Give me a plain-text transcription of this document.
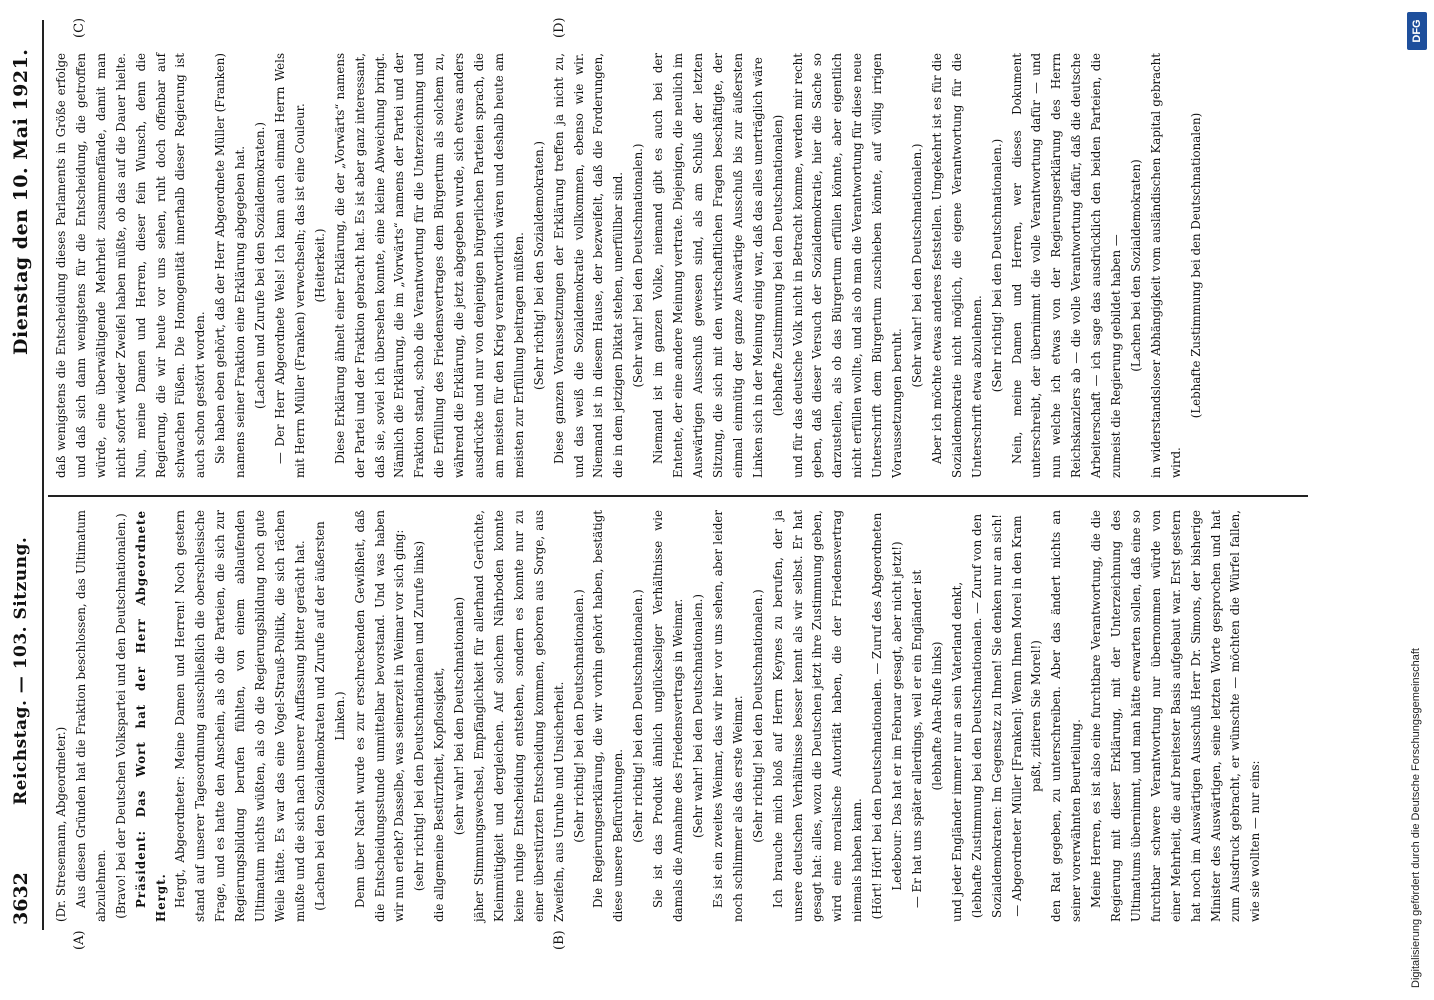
3632
Reichstag. — 103. Sitzung.
Dienstag den 10. Mai 1921.
(A)	(B)
(C)	(D)

(Dr. Stresemann, Abgeordneter.) Aus diesen Gründen hat die Fraktion beschlossen, das Ultimatum abzulehnen. (Bravo! bei der Deutschen Volkspartei und den Deutschnationalen.) Präsident: Das Wort hat der Herr Abgeordnete Hergt. Hergt, Abgeordneter: Meine Damen und Herren! Noch gestern stand auf unserer Tagesordnung ausschließlich die oberschlesische Frage, und es hatte den Anschein, als ob die Parteien, die sich zur Regierungsbildung berufen fühlten, von einem ablaufenden Ultimatum nichts wüßten, als ob die Regierungsbildung noch gute Weile hätte. Es war das eine Vogel-Strauß-Politik, die sich rächen mußte und die sich nach unserer Auffassung bitter gerächt hat. (Lachen bei den Sozialdemokraten und Zurufe auf der äußersten Linken.) Denn über Nacht wurde es zur erschreckenden Gewißheit, daß die Entscheidungsstunde unmittelbar bevorstand. Und was haben wir nun erlebt? Dasselbe, was seinerzeit in Weimar vor sich ging: (sehr richtig! bei den Deutschnationalen und Zurufe links) die allgemeine Bestürztheit, Kopflosigkeit, (sehr wahr! bei den Deutschnationalen) jäher Stimmungswechsel, Empfänglichkeit für allerhand Gerüchte, Kleinmütigkeit und dergleichen. Auf solchem Nährboden konnte keine ruhige Entscheidung entstehen, sondern es konnte nur zu einer überstürzten Entscheidung kommen, geboren aus Sorge, aus Zweifeln, aus Unruhe und Unsicherheit. (Sehr richtig! bei den Deutschnationalen.) Die Regierungserklärung, die wir vorhin gehört haben, bestätigt diese unsere Befürchtungen. (Sehr richtig! bei den Deutschnationalen.) Sie ist das Produkt ähnlich unglückseliger Verhältnisse wie damals die Annahme des Friedensvertrags in Weimar. (Sehr wahr! bei den Deutschnationalen.) Es ist ein zweites Weimar, das wir hier vor uns sehen, aber leider noch schlimmer als das erste Weimar. (Sehr richtig! bei den Deutschnationalen.) Ich brauche mich bloß auf Herrn Keynes zu berufen, der ja unsere deutschen Verhältnisse besser kennt als wir selbst. Er hat gesagt hat: alles, wozu die Deutschen jetzt ihre Zustimmung geben, wird eine moralische Autorität haben, die der Friedensvertrag niemals haben kann. (Hört! Hört! bei den Deutschnationalen. — Zuruf des Abgeordneten Ledebour: Das hat er im Februar gesagt, aber nicht jetzt!) — Er hat uns später allerdings, weil er ein Engländer ist (lebhafte Aha-Rufe links) und jeder Engländer immer nur an sein Vaterland denkt, (lebhafte Zustimmung bei den Deutschnationalen. — Zuruf von den Sozialdemokraten: Im Gegensatz zu Ihnen! Sie denken nur an sich! — Abgeordneter Müller [Franken]: Wenn Ihnen Morel in den Kram paßt, zitieren Sie Morel!) den Rat gegeben, zu unterschreiben. Aber das ändert nichts an seiner vorerwähnten Beurteilung. Meine Herren, es ist also eine furchtbare Verantwortung, die die Regierung mit dieser Erklärung, mit der Unterzeichnung des Ultimatums übernimmt, und man hätte erwarten sollen, daß eine so furchtbar schwere Verantwortung nur übernommen würde von einer Mehrheit, die auf breitester Basis aufgebaut war. Erst gestern hat noch im Auswärtigen Ausschuß Herr Dr. Simons, der bisherige Minister des Auswärtigen, seine letzten Worte gesprochen und hat zum Ausdruck gebracht, er wünschte — möchten die Würfel fallen, wie sie wollten — nur eins:

daß wenigstens die Entscheidung dieses Parlaments in Größe erfolge und daß sich dann wenigstens für die Entscheidung, die getroffen würde, eine überwältigende Mehrheit zusammenfände, damit man nicht sofort wieder Zweifel haben müßte, ob das auf die Dauer hielte. Nun, meine Damen und Herren, dieser fein Wunsch, denn die Regierung, die wir heute vor uns sehen, ruht doch offenbar auf schwachen Füßen. Die Homogenität innerhalb dieser Regierung ist auch schon gestört worden. Sie haben eben gehört, daß der Herr Abgeordnete Müller (Franken) namens seiner Fraktion eine Erklärung abgegeben hat. (Lachen und Zurufe bei den Sozialdemokraten.) — Der Herr Abgeordnete Wels! Ich kann auch einmal Herrn Wels mit Herrn Müller (Franken) verwechseln; das ist eine Couleur. (Heiterkeit.) Diese Erklärung ähnelt einer Erklärung, die der „Vorwärts“ namens der Partei und der Fraktion gebracht hat. Es ist aber ganz interessant, daß sie, soviel ich übersehen konnte, eine kleine Abweichung bringt. Nämlich die Erklärung, die im „Vorwärts“ namens der Partei und der Fraktion stand, schob die Verantwortung für die Unterzeichnung und die Erfüllung des Friedensvertrages dem Bürgertum als solchem zu, während die Erklärung, die jetzt abgegeben wurde, sich etwas anders ausdrückte und nur von denjenigen bürgerlichen Parteien sprach, die am meisten für den Krieg verantwortlich wären und deshalb heute am meisten zur Erfüllung beitragen müßten. (Sehr richtig! bei den Sozialdemokraten.) Diese ganzen Voraussetzungen der Erklärung treffen ja nicht zu, und das weiß die Sozialdemokratie vollkommen, ebenso wie wir. Niemand ist in diesem Hause, der bezweifelt, daß die Forderungen, die in dem jetzigen Diktat stehen, unerfüllbar sind. (Sehr wahr! bei den Deutschnationalen.) Niemand ist im ganzen Volke, niemand gibt es auch bei der Entente, der eine andere Meinung vertrate. Diejenigen, die neulich im Auswärtigen Ausschuß gewesen sind, als am Schluß der letzten Sitzung, die sich mit den wirtschaftlichen Fragen beschäftigte, der einmal einmütig der ganze Auswärtige Ausschuß bis zur äußersten Linken sich in der Meinung einig war, daß das alles unerträglich wäre (lebhafte Zustimmung bei den Deutschnationalen) und für das deutsche Volk nicht in Betracht komme, werden mir recht geben, daß dieser Versuch der Sozialdemokratie, hier die Sache so darzustellen, als ob das Bürgertum erfüllen könnte, aber eigentlich nicht erfüllen wollte, und als ob man die Verantwortung für diese neue Unterschrift dem Bürgertum zuschieben könnte, auf völlig irrigen Voraussetzungen beruht.

(Sehr wahr! bei den Deutschnationalen.) Aber ich möchte etwas anderes feststellen. Umgekehrt ist es für die Sozialdemokratie nicht möglich, die eigene Verantwortung für die Unterschrift etwa abzulehnen. (Sehr richtig! bei den Deutschnationalen.) Nein, meine Damen und Herren, wer dieses Dokument unterschreibt, der übernimmt die volle Verantwortung dafür — und nun welche ich etwas von der Regierungserklärung des Herrn Reichskanzlers ab — die volle Verantwortung dafür, daß die deutsche Arbeiterschaft — ich sage das ausdrücklich den beiden Parteien, die zumeist die Regierung gebildet haben — (Lachen bei den Sozialdemokraten) in widerstandsloser Abhängigkeit vom ausländischen Kapital gebracht wird.

(Lebhafte Zustimmung bei den Deutschnationalen)

Digitalisierung gefördert durch die Deutsche Forschungsgemeinschaft
DFG
